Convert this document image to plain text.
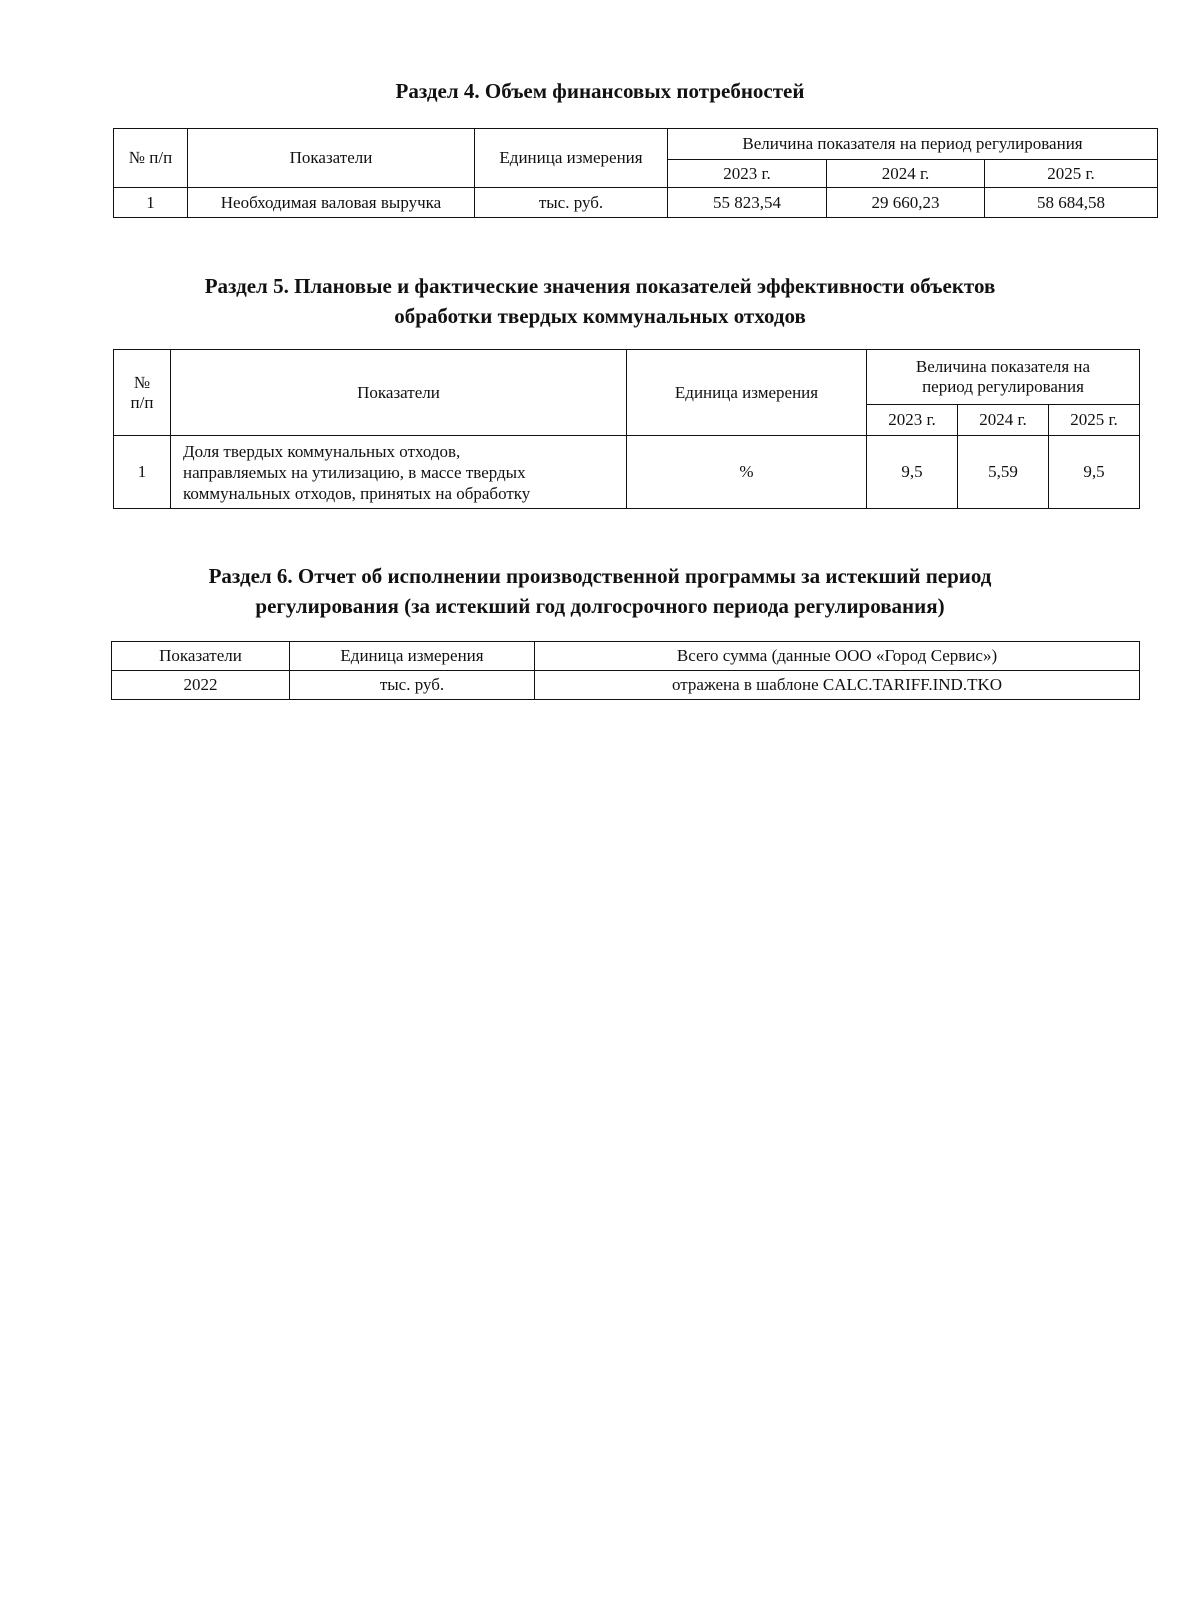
Раздел 4. Объем финансовых потребностей
№ п/п	Показатели	Единица измерения	Величина показателя на период регулирования		
			2023 г.	2024 г.	2025 г.
1	Необходимая валовая выручка	тыс. руб.	55 823,54	29 660,23	58 684,58
Раздел 5. Плановые и фактические значения показателей эффективности объектов
обработки твердых коммунальных отходов
№
п/п	Показатели	Единица измерения	Величина показателя на
период регулирования		
			2023 г.	2024 г.	2025 г.
1	Доля твердых коммунальных отходов,
направляемых на утилизацию, в массе твердых
коммунальных отходов, принятых на обработку	%	9,5	5,59	9,5
Раздел 6. Отчет об исполнении производственной программы за истекший период
регулирования (за истекший год долгосрочного периода регулирования)
Показатели	Единица измерения	Всего сумма (данные ООО «Город Сервис»)
2022	тыс. руб.	отражена в шаблоне CALC.TARIFF.IND.TKO
